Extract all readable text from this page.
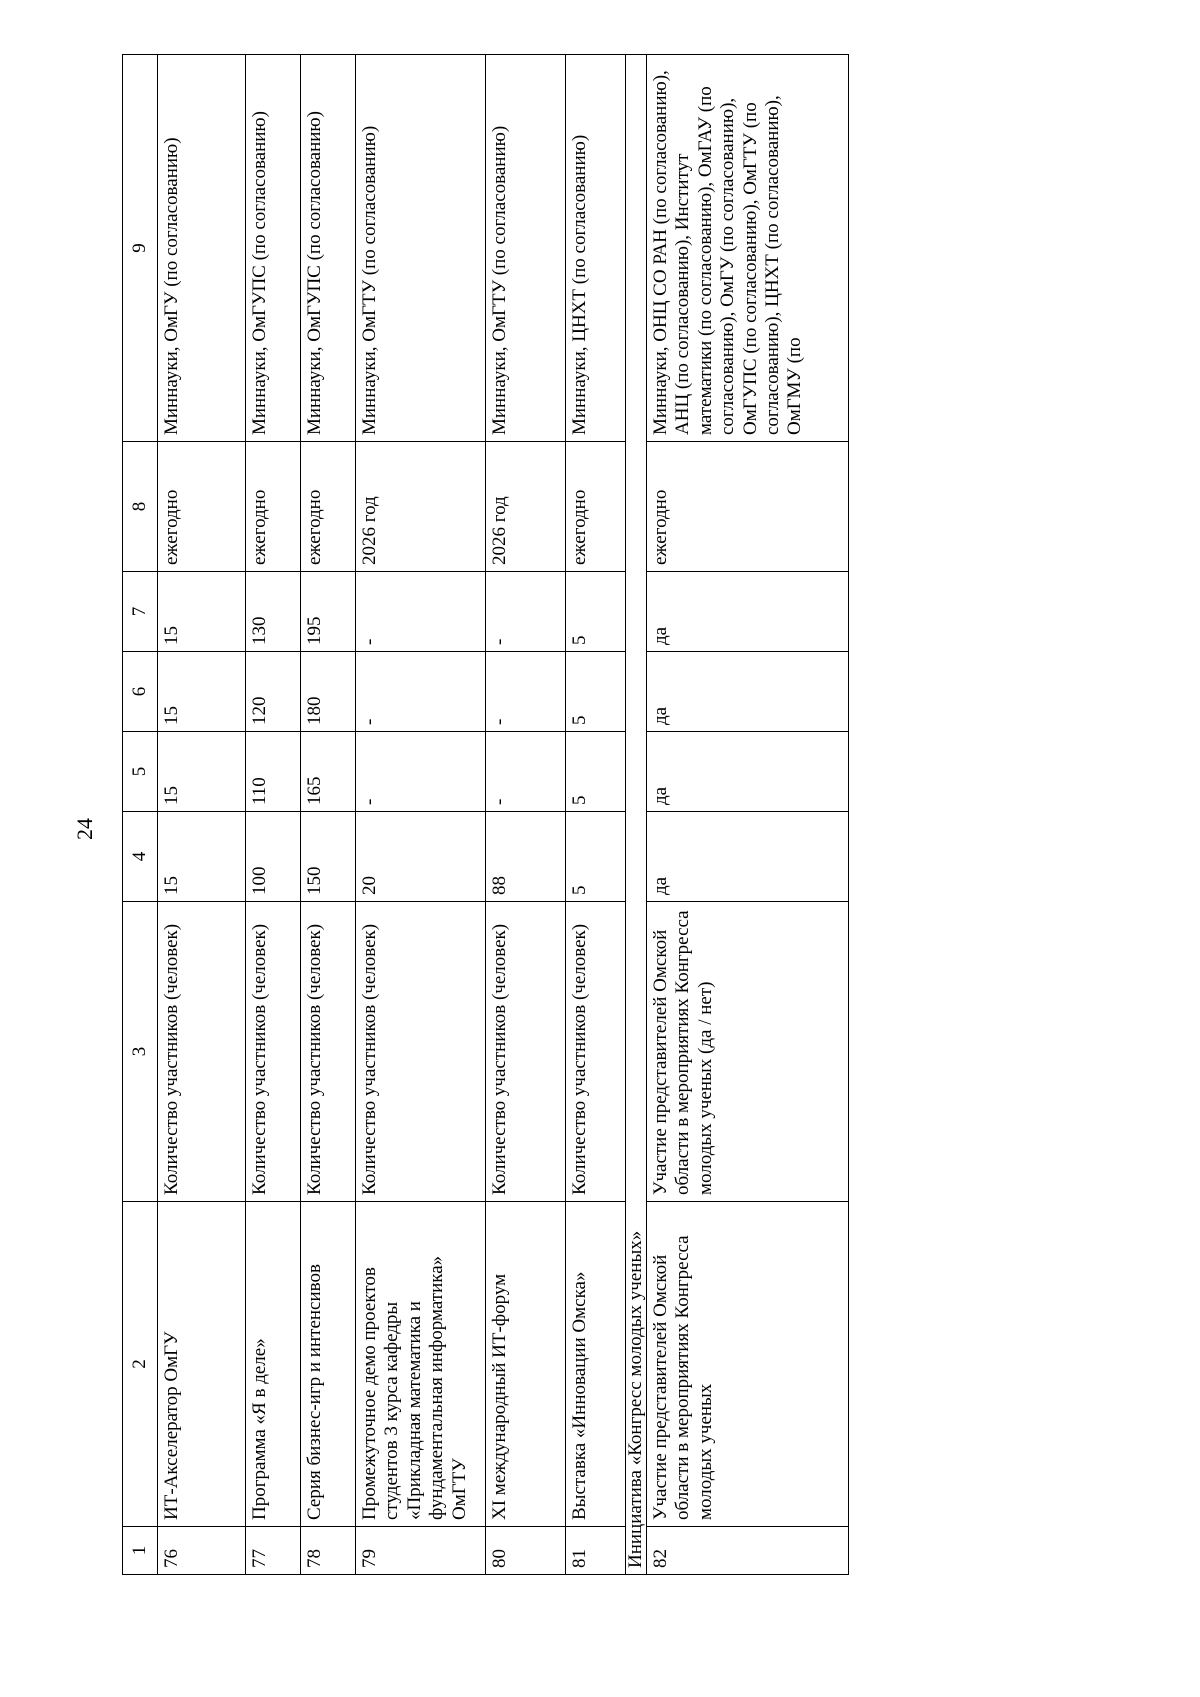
24
1	2	3	4	5	6	7	8	9
76	ИТ-Акселератор ОмГУ	Количество участников (человек)	15	15	15	15	ежегодно	Миннауки, ОмГУ (по согласованию)
77	Программа «Я в деле»	Количество участников (человек)	100	110	120	130	ежегодно	Миннауки, ОмГУПС (по согласованию)
78	Серия бизнес-игр и интенсивов	Количество участников (человек)	150	165	180	195	ежегодно	Миннауки, ОмГУПС (по согласованию)
79	Промежуточное демо проектов студентов 3 курса кафедры «Прикладная математика и фундаментальная информатика» ОмГТУ	Количество участников (человек)	20	-	-	-	2026 год	Миннауки, ОмГТУ (по согласованию)
80	XI международный ИТ-форум	Количество участников (человек)	88	-	-	-	2026 год	Миннауки, ОмГТУ (по согласованию)
81	Выставка «Инновации Омска»	Количество участников (человек)	5	5	5	5	ежегодно	Миннауки, ЦНХТ (по согласованию)
Инициатива «Конгресс молодых ученых»								
82	Участие представителей Омской области в мероприятиях Конгресса молодых ученых	Участие представителей Омской области в мероприятиях Конгресса молодых ученых (да / нет)	да	да	да	да	ежегодно	Миннауки, ОНЦ СО РАН (по согласованию), АНЦ (по согласованию), Институт математики (по согласованию), ОмГАУ (по согласованию), ОмГУ (по согласованию), ОмГУПС (по согласованию), ОмГТУ (по согласованию), ЦНХТ (по согласованию), ОмГМУ (по
